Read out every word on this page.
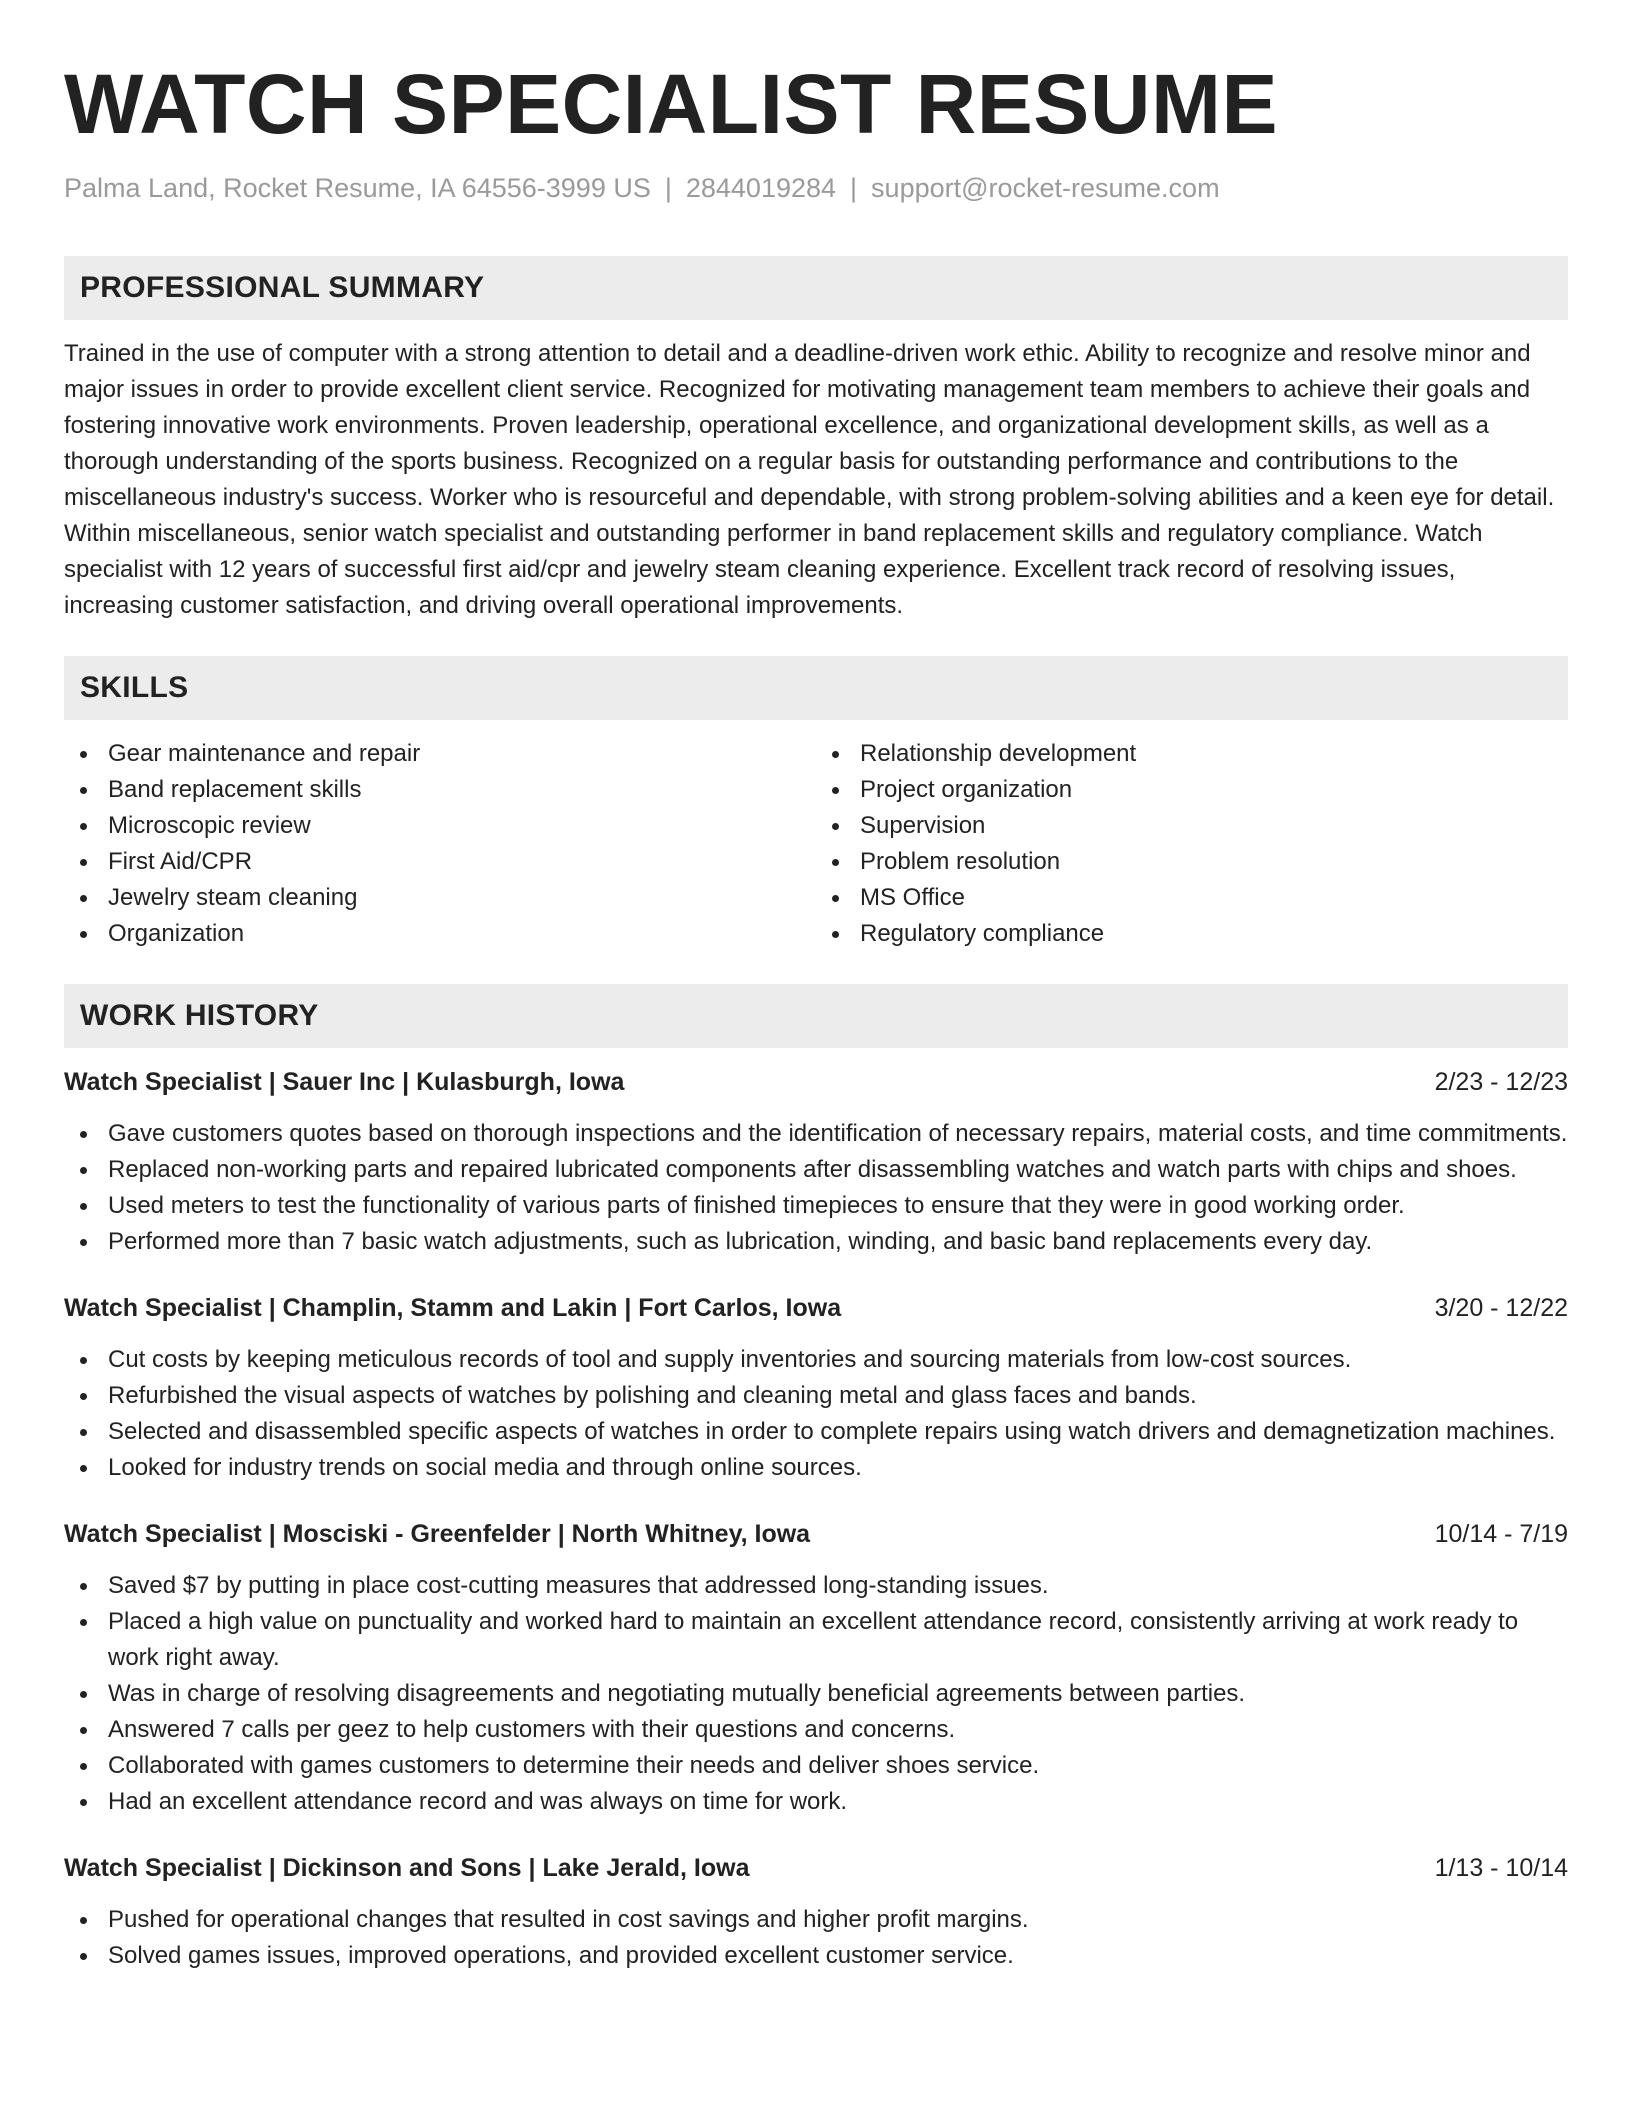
WATCH SPECIALIST RESUME
Palma Land, Rocket Resume, IA 64556-3999 US | 2844019284 | support@rocket-resume.com
PROFESSIONAL SUMMARY

Trained in the use of computer with a strong attention to detail and a deadline-driven work ethic. Ability to recognize and resolve minor and major issues in order to provide excellent client service. Recognized for motivating management team members to achieve their goals and fostering innovative work environments. Proven leadership, operational excellence, and organizational development skills, as well as a thorough understanding of the sports business. Recognized on a regular basis for outstanding performance and contributions to the miscellaneous industry's success. Worker who is resourceful and dependable, with strong problem-solving abilities and a keen eye for detail. Within miscellaneous, senior watch specialist and outstanding performer in band replacement skills and regulatory compliance. Watch specialist with 12 years of successful first aid/cpr and jewelry steam cleaning experience. Excellent track record of resolving issues, increasing customer satisfaction, and driving overall operational improvements.

SKILLS
Gear maintenance and repair
Band replacement skills
Microscopic review
First Aid/CPR
Jewelry steam cleaning
Organization
Relationship development
Project organization
Supervision
Problem resolution
MS Office
Regulatory compliance
WORK HISTORY
Watch Specialist | Sauer Inc | Kulasburgh, Iowa	2/23 - 12/23
Gave customers quotes based on thorough inspections and the identification of necessary repairs, material costs, and time commitments.
Replaced non-working parts and repaired lubricated components after disassembling watches and watch parts with chips and shoes.
Used meters to test the functionality of various parts of finished timepieces to ensure that they were in good working order.
Performed more than 7 basic watch adjustments, such as lubrication, winding, and basic band replacements every day.
Watch Specialist | Champlin, Stamm and Lakin | Fort Carlos, Iowa	3/20 - 12/22
Cut costs by keeping meticulous records of tool and supply inventories and sourcing materials from low-cost sources.
Refurbished the visual aspects of watches by polishing and cleaning metal and glass faces and bands.
Selected and disassembled specific aspects of watches in order to complete repairs using watch drivers and demagnetization machines.
Looked for industry trends on social media and through online sources.
Watch Specialist | Mosciski - Greenfelder | North Whitney, Iowa	10/14 - 7/19
Saved $7 by putting in place cost-cutting measures that addressed long-standing issues.
Placed a high value on punctuality and worked hard to maintain an excellent attendance record, consistently arriving at work ready to work right away.
Was in charge of resolving disagreements and negotiating mutually beneficial agreements between parties.
Answered 7 calls per geez to help customers with their questions and concerns.
Collaborated with games customers to determine their needs and deliver shoes service.
Had an excellent attendance record and was always on time for work.
Watch Specialist | Dickinson and Sons | Lake Jerald, Iowa	1/13 - 10/14
Pushed for operational changes that resulted in cost savings and higher profit margins.
Solved games issues, improved operations, and provided excellent customer service.
